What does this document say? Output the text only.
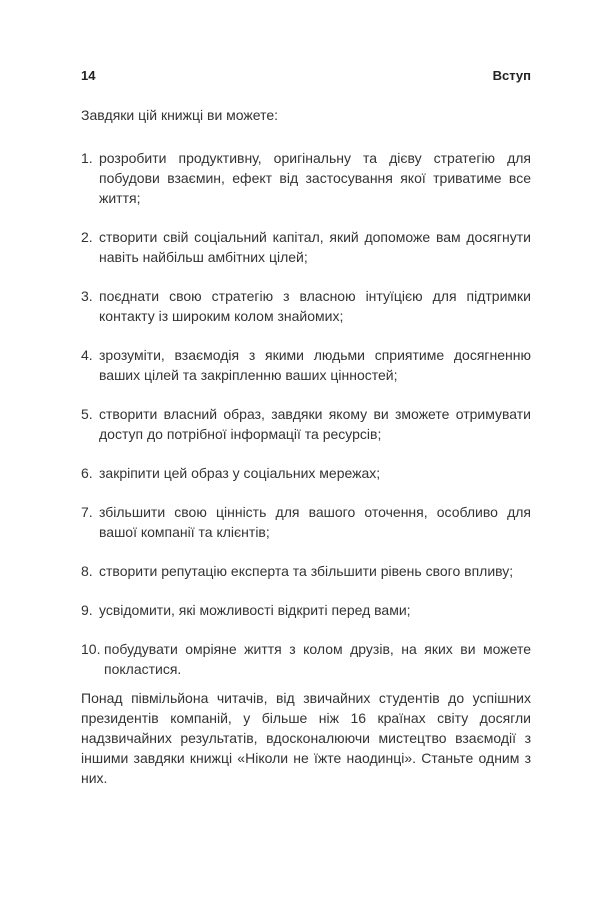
14	Вступ

Завдяки цій книжці ви можете:

1. розробити продуктивну, оригінальну та дієву стратегію для побудови взаємин, ефект від застосування якої триватиме все життя;
2. створити свій соціальний капітал, який допоможе вам досягнути навіть найбільш амбітних цілей;
3. поєднати свою стратегію з власною інтуїцією для підтримки контакту із широким колом знайомих;
4. зрозуміти, взаємодія з якими людьми сприятиме досягненню ваших цілей та закріпленню ваших цінностей;
5. створити власний образ, завдяки якому ви зможете отримувати доступ до потрібної інформації та ресурсів;
6. закріпити цей образ у соціальних мережах;
7. збільшити свою цінність для вашого оточення, особливо для вашої компанії та клієнтів;
8. створити репутацію експерта та збільшити рівень свого впливу;
9. усвідомити, які можливості відкриті перед вами;
10. побудувати омріяне життя з колом друзів, на яких ви можете покластися.

Понад півмільйона читачів, від звичайних студентів до успішних президентів компаній, у більше ніж 16 країнах світу досягли надзвичайних результатів, вдосконалюючи мистецтво взаємодії з іншими завдяки книжці «Ніколи не їжте наодинці». Станьте одним з них.
